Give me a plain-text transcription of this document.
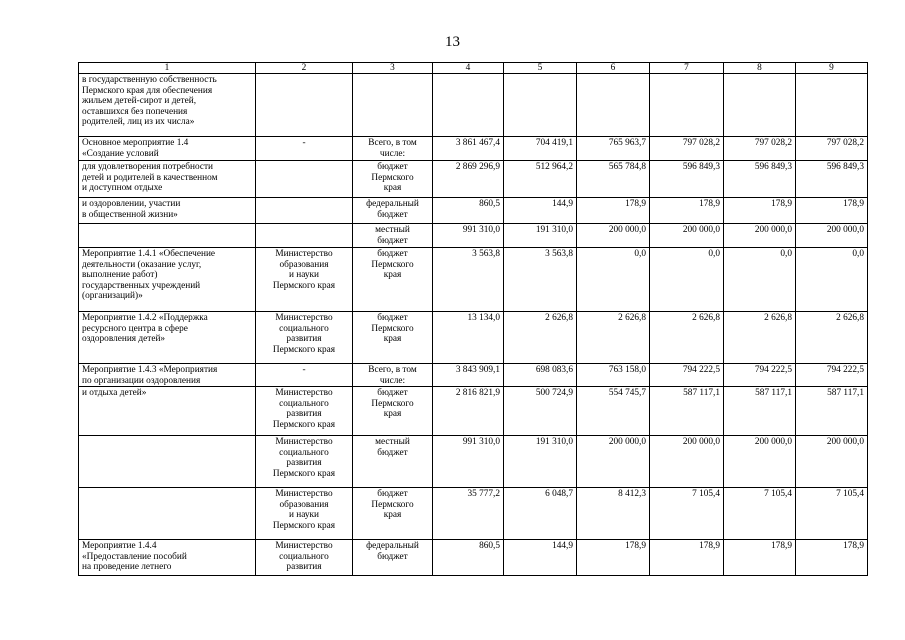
13
1	2	3	4	5	6	7	8	9
в государственную собственность
Пермского края для обеспечения
жильем детей-сирот и детей,
оставшихся без попечения
родителей, лиц из их числа»								
Основное мероприятие 1.4
«Создание условий	-	Всего, в том
числе:	3 861 467,4	704 419,1	765 963,7	797 028,2	797 028,2	797 028,2
для удовлетворения потребности
детей и родителей в качественном
и доступном отдыхе		бюджет
Пермского
края	2 869 296,9	512 964,2	565 784,8	596 849,3	596 849,3	596 849,3
и оздоровлении, участии
в общественной жизни»		федеральный
бюджет	860,5	144,9	178,9	178,9	178,9	178,9
		местный
бюджет	991 310,0	191 310,0	200 000,0	200 000,0	200 000,0	200 000,0
Мероприятие 1.4.1 «Обеспечение
деятельности (оказание услуг,
выполнение работ)
государственных учреждений
(организаций)»	Министерство
образования
и науки
Пермского края	бюджет
Пермского
края	3 563,8	3 563,8	0,0	0,0	0,0	0,0
Мероприятие 1.4.2 «Поддержка
ресурсного центра в сфере
оздоровления детей»	Министерство
социального
развития
Пермского края	бюджет
Пермского
края	13 134,0	2 626,8	2 626,8	2 626,8	2 626,8	2 626,8
Мероприятие 1.4.3 «Мероприятия
по организации оздоровления	-	Всего, в том
числе:	3 843 909,1	698 083,6	763 158,0	794 222,5	794 222,5	794 222,5
и отдыха детей»	Министерство
социального
развития
Пермского края	бюджет
Пермского
края	2 816 821,9	500 724,9	554 745,7	587 117,1	587 117,1	587 117,1
	Министерство
социального
развития
Пермского края	местный
бюджет	991 310,0	191 310,0	200 000,0	200 000,0	200 000,0	200 000,0
	Министерство
образования
и науки
Пермского края	бюджет
Пермского
края	35 777,2	6 048,7	8 412,3	7 105,4	7 105,4	7 105,4
Мероприятие 1.4.4
«Предоставление пособий
на проведение летнего	Министерство
социального
развития	федеральный
бюджет	860,5	144,9	178,9	178,9	178,9	178,9
